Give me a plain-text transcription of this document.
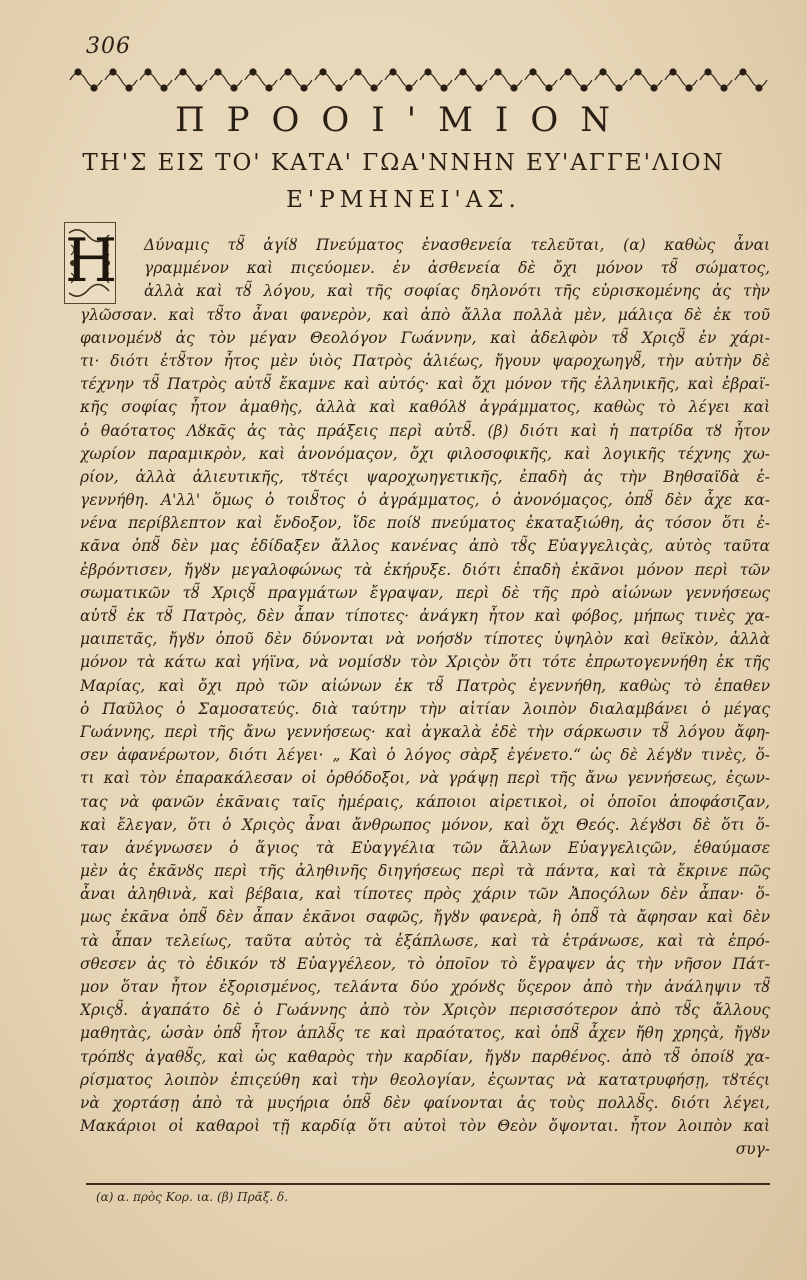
306
ΠΡΟΟΙ'ΜΙΟΝ
ΤΗ'Σ ΕΙΣ ΤΟ' ΚΑΤΑ' ΓΩΑ'ΝΝΗΝ ΕΥ'ΑΓΓΕ'ΛΙΟΝ
Ε'ΡΜΗΝΕΙ'ΑΣ.
Η	Δύναμις τȣ̃ ἁγίȣ Πνεύματος ἐνασθενεία τελεῦται, (α) καθὼς ἆναι
γραμμένον καὶ πιςεύομεν. ἐν ἀσθενεία δὲ ὄχι μόνον τȣ̃ σώματος,
ἀλλὰ καὶ τȣ̃ λόγου, καὶ τῆς σοφίας δηλονότι τῆς εὑρισκομένης ἀς τὴν
γλῶσσαν. καὶ τȣ̃το ἆναι φανερὸν, καὶ ἀπὸ ἄλλα πολλὰ μὲν, μάλιςα δὲ ἐκ τοῦ
φαινομένȣ ἀς τὸν μέγαν Θεολόγον Γωάννην, καὶ ἀδελφὸν τȣ̃ Χριςȣ̃ ἐν χάρι-
τι· διότι ἐτȣ̃τον ἦτος μὲν ὑιὸς Πατρὸς ἁλιέως, ἤγουν ψαροχωηγȣ̃, τὴν αὐτὴν δὲ
τέχνην τȣ̃ Πατρὸς αὐτȣ̃ ἔκαμνε καὶ αὐτός· καὶ ὄχι μόνον τῆς ἑλληνικῆς, καὶ ἑβραϊ-
κῆς σοφίας ἦτον ἀμαθὴς, ἀλλὰ καὶ καθόλȣ ἀγράμματος, καθὼς τὸ λέγει καὶ
ὁ θαότατος Λȣκᾶς ἀς τὰς πράξεις περὶ αὐτȣ̃. (β) διότι καὶ ἡ πατρίδα τȣ ἦτον
χωρίον παραμικρὸν, καὶ ἀνονόμαςον, ὄχι φιλοσοφικῆς, καὶ λογικῆς τέχνης χω-
ρίον, ἀλλὰ ἁλιευτικῆς, τȣτέςι ψαροχωηγετικῆς, ἐπαδὴ ἀς τὴν Βηθσαϊδὰ ἐ-
γεννήθη. Α'λλ' ὅμως ὁ τοιȣ̃τος ὁ ἀγράμματος, ὁ ἀνονόμαςος, ὁπȣ̃ δὲν ἆχε κα-
νένα περίβλεπτον καὶ ἔνδοξον, ἴδε ποίȣ πνεύματος ἐκαταξιώθη, ἀς τόσον ὅτι ἐ-
κᾶνα ὁπȣ̃ δὲν μας ἐδίδαξεν ἄλλος κανένας ἀπὸ τȣ̃ς Εὐαγγελιςὰς, αὐτὸς ταῦτα
ἐβρόντισεν, ἤγȣν μεγαλοφώνως τὰ ἐκήρυξε. διότι ἐπαδὴ ἐκᾶνοι μόνον περὶ τῶν
σωματικῶν τȣ̃ Χριςȣ̃ πραγμάτων ἔγραψαν, περὶ δὲ τῆς πρὸ αἰώνων γεννήσεως
αὐτȣ̃ ἐκ τȣ̃ Πατρὸς, δὲν ἆπαν τίποτες· ἀνάγκη ἦτον καὶ φόβος, μήπως τινὲς χα-
μαιπετᾶς, ἤγȣν ὁποῦ δὲν δύνονται νὰ νοήσȣν τίποτες ὑψηλὸν καὶ θεϊκὸν, ἀλλὰ
μόνον τὰ κάτω καὶ γήϊνα, νὰ νομίσȣν τὸν Χριςὸν ὅτι τότε ἐπρωτογεννήθη ἐκ τῆς
Μαρίας, καὶ ὄχι πρὸ τῶν αἰώνων ἐκ τȣ̃ Πατρὸς ἐγεννήθη, καθὼς τὸ ἐπαθεν
ὁ Παῦλος ὁ Σαμοσατεύς. διὰ ταύτην τὴν αἰτίαν λοιπὸν διαλαμβάνει ὁ μέγας
Γωάννης, περὶ τῆς ἄνω γεννήσεως· καὶ ἀγκαλὰ ἐδὲ τὴν σάρκωσιν τȣ̃ λόγου ἄφη-
σεν ἀφανέρωτον, διότι λέγει· „ Καὶ ὁ λόγος σὰρξ ἐγένετο.“ ὡς δὲ λέγȣν τινὲς, ὅ-
τι καὶ τὸν ἐπαρακάλεσαν οἱ ὀρθόδοξοι, νὰ γράψῃ περὶ τῆς ἄνω γεννήσεως, ἐςων-
τας νὰ φανῶν ἐκᾶναις ταῖς ἡμέραις, κάποιοι αἱρετικοὶ, οἱ ὁποῖοι ἀποφάσιζαν,
καὶ ἔλεγαν, ὅτι ὁ Χριςὸς ἆναι ἄνθρωπος μόνον, καὶ ὄχι Θεός. λέγȣσι δὲ ὅτι ὅ-
ταν ἀνέγνωσεν ὁ ἅγιος τὰ Εὐαγγέλια τῶν ἄλλων Εὐαγγελιςῶν, ἐθαύμασε
μὲν ἀς ἐκᾶνȣς περὶ τῆς ἀληθινῆς διηγήσεως περὶ τὰ πάντα, καὶ τὰ ἔκρινε πῶς
ἆναι ἀληθινὰ, καὶ βέβαια, καὶ τίποτες πρὸς χάριν τῶν Ἀποςόλων δὲν ἆπαν· ὅ-
μως ἐκᾶνα ὁπȣ̃ δὲν ἆπαν ἐκᾶνοι σαφῶς, ἤγȣν φανερὰ, ἢ ὁπȣ̃ τὰ ἄφησαν καὶ δὲν
τὰ ἆπαν τελείως, ταῦτα αὐτὸς τὰ ἐξάπλωσε, καὶ τὰ ἐτράνωσε, καὶ τὰ ἐπρό-
σθεσεν ἀς τὸ ἐδικόν τȣ Εὐαγγέλεον, τὸ ὁποῖον τὸ ἔγραψεν ἀς τὴν νῆσον Πάτ-
μον ὅταν ἦτον ἐξορισμένος, τελάντα δύο χρόνȣς ὕςερον ἀπὸ τὴν ἀνάληψιν τȣ̃
Χριςȣ̃. ἀγαπάτο δὲ ὁ Γωάννης ἀπὸ τὸν Χριςὸν περισσότερον ἀπὸ τȣ̃ς ἄλλους
μαθητὰς, ὡσὰν ὁπȣ̃ ἦτον ἁπλȣ̃ς τε καὶ πραότατος, καὶ ὁπȣ̃ ἆχεν ἤθη χρηςὰ, ἤγȣν
τρόπȣς ἀγαθȣ̃ς, καὶ ὡς καθαρὸς τὴν καρδίαν, ἤγȣν παρθένος. ἀπὸ τȣ̃ ὁποίȣ χα-
ρίσματος λοιπὸν ἐπιςεύθη καὶ τὴν θεολογίαν, ἐςωντας νὰ κατατρυφήσῃ, τȣτέςι
νὰ χορτάσῃ ἀπὸ τὰ μυςήρια ὁπȣ̃ δὲν φαίνονται ἀς τοὺς πολλȣ̃ς. διότι λέγει,
Μακάριοι οἱ καθαροὶ τῇ καρδίᾳ ὅτι αὐτοὶ τὸν Θεὸν ὄψονται. ἦτον λοιπὸν καὶ
συγ-
(α) α. πρὸς Κορ. ια. (β) Πρᾶξ. δ.
